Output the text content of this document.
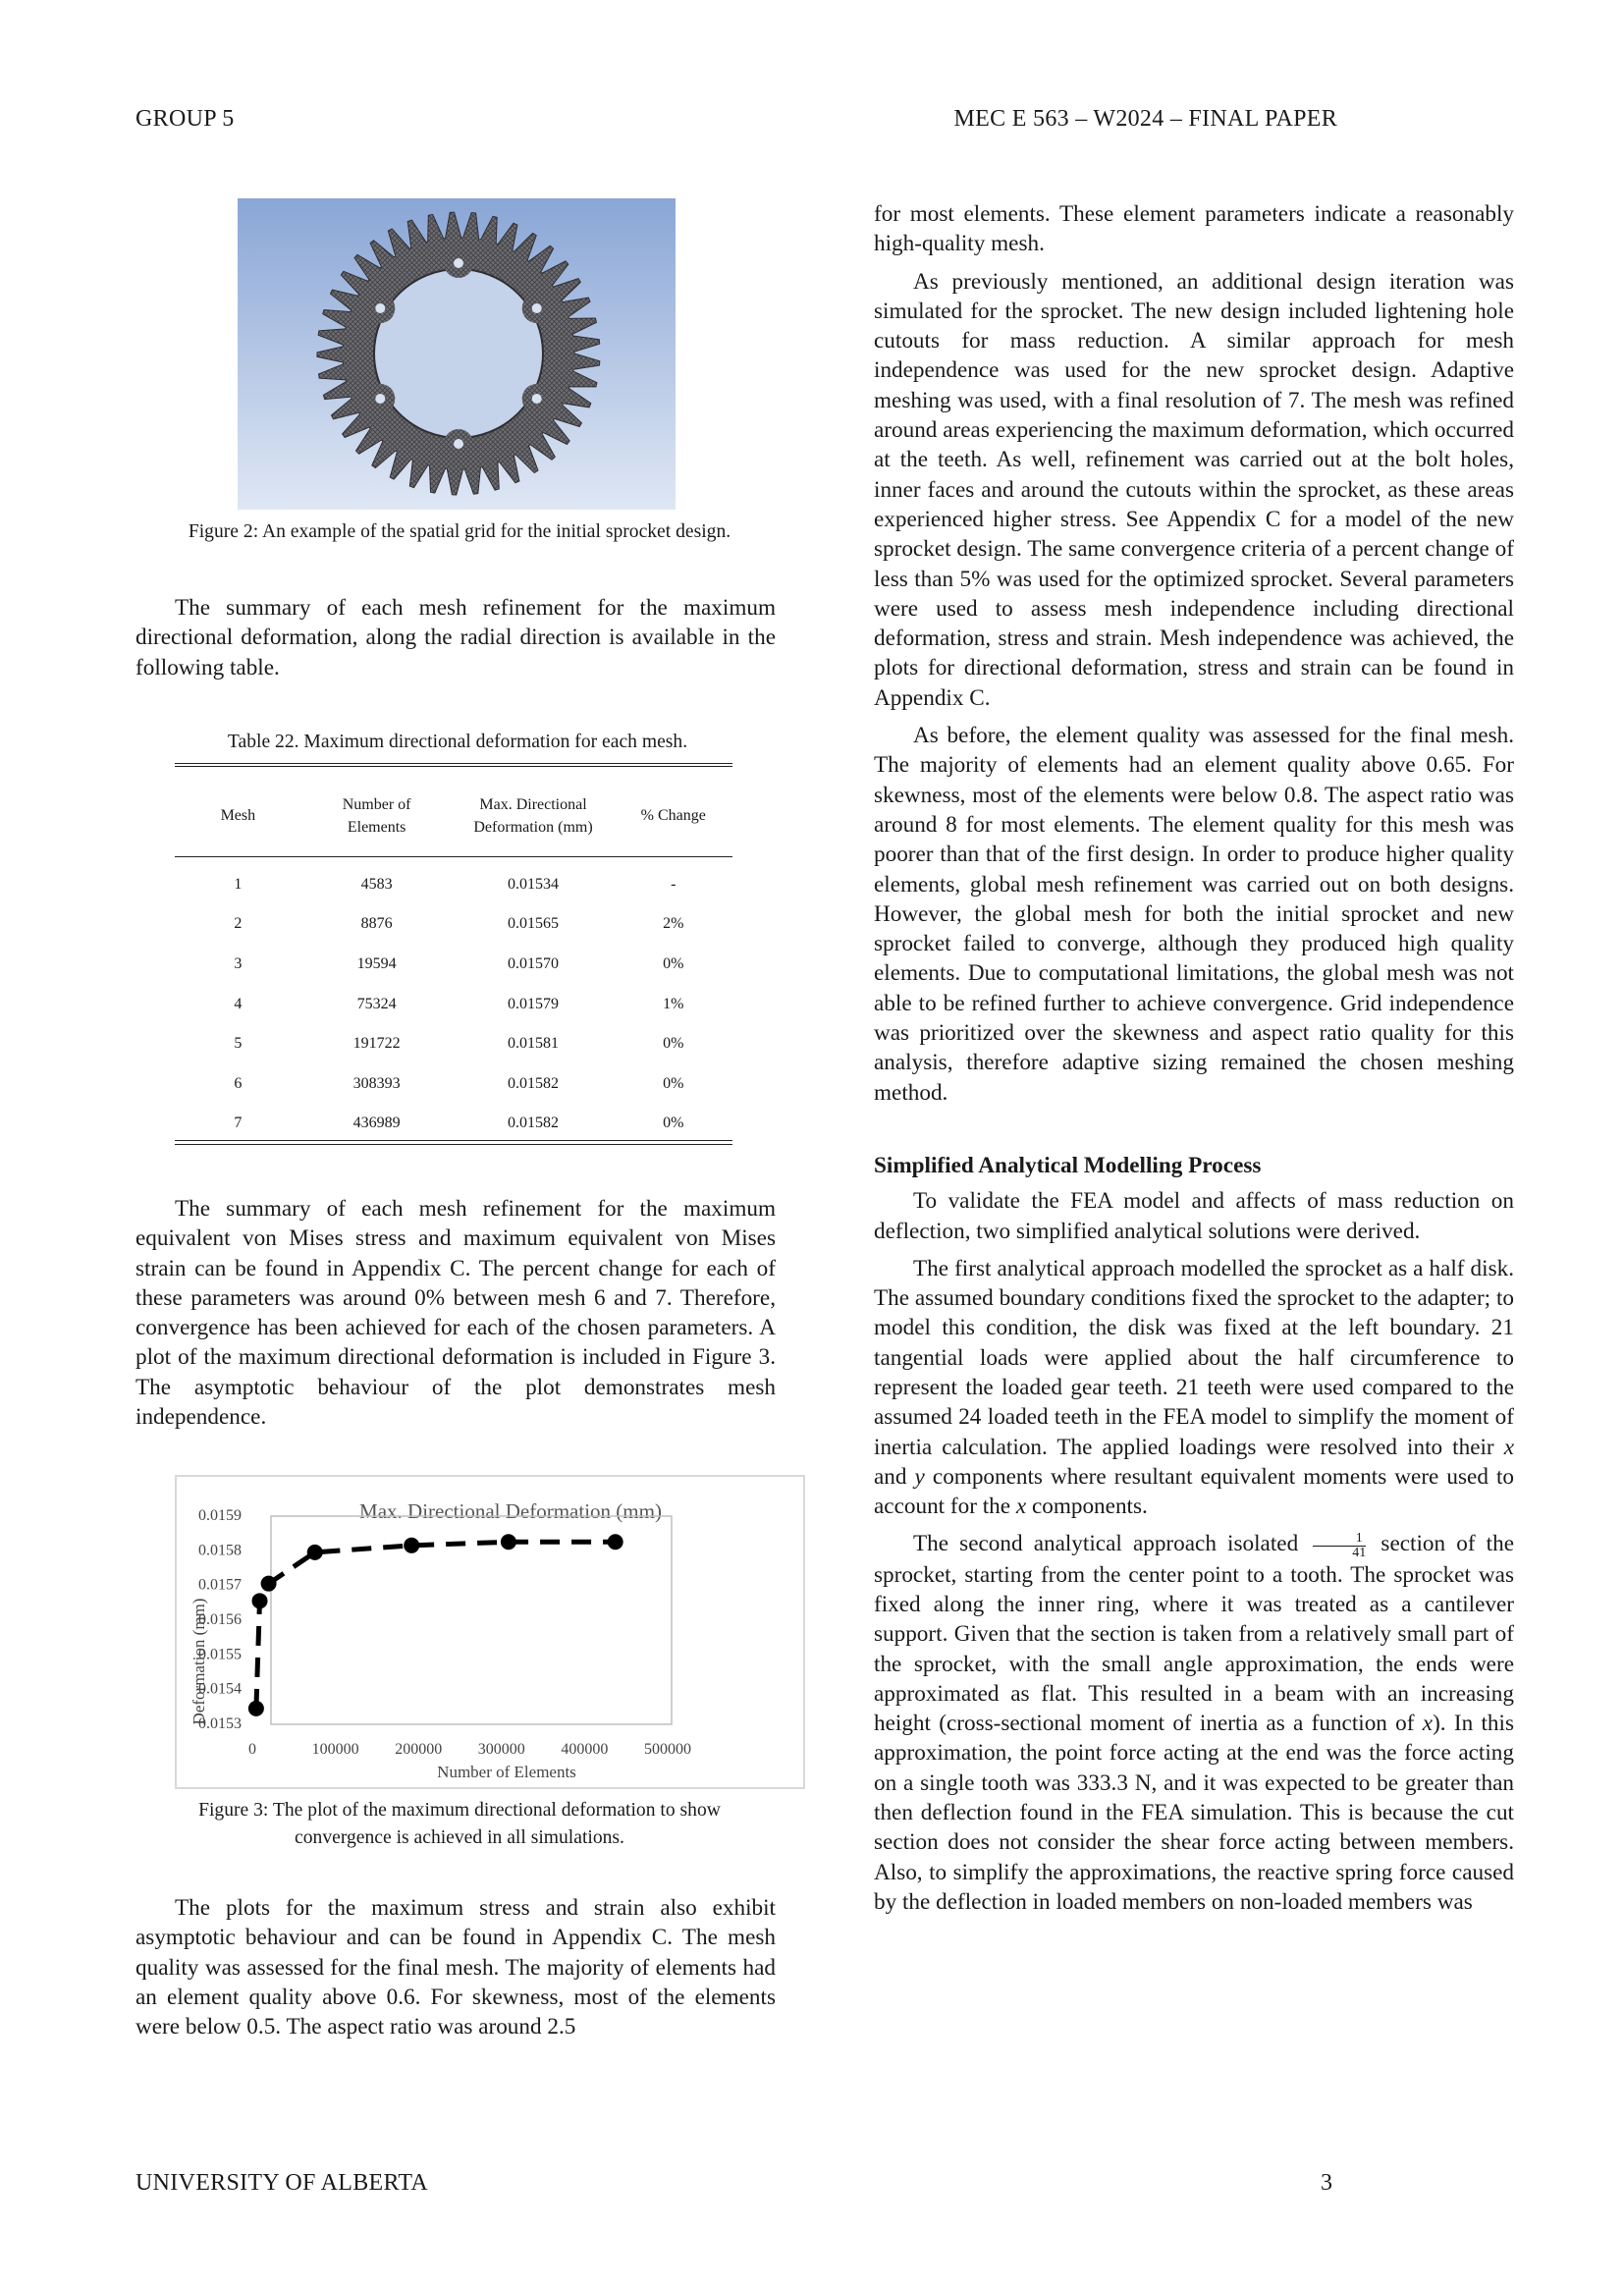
GROUP 5	MEC E 563 – W2024 – FINAL PAPER
Figure 2: An example of the spatial grid for the initial sprocket design.

The summary of each mesh refinement for the maximum directional deformation, along the radial direction is available in the following table.

Table 22. Maximum directional deformation for each mesh.
Mesh	Number of Elements	Max. Directional Deformation (mm)	% Change

1	4583	0.01534	-
2	8876	0.01565	2%
3	19594	0.01570	0%
4	75324	0.01579	1%
5	191722	0.01581	0%
6	308393	0.01582	0%
7	436989	0.01582	0%

The summary of each mesh refinement for the maximum equivalent von Mises stress and maximum equivalent von Mises strain can be found in Appendix C. The percent change for each of these parameters was around 0% between mesh 6 and 7. Therefore, convergence has been achieved for each of the chosen parameters. A plot of the maximum directional deformation is included in Figure 3. The asymptotic behaviour of the plot demonstrates mesh independence.

Max. Directional Deformation (mm)
0.0153
0.0154
0.0155
0.0156
0.0157
0.0158
0.0159
0	100000 200000 300000 400000 500000
Number of Elements
Deformation (mm)
Figure 3: The plot of the maximum directional deformation to show
convergence is achieved in all simulations.

The plots for the maximum stress and strain also exhibit asymptotic behaviour and can be found in Appendix C. The mesh quality was assessed for the final mesh. The majority of elements had an element quality above 0.6. For skewness, most of the elements were below 0.5. The aspect ratio was around 2.5

for most elements. These element parameters indicate a reasonably high-quality mesh.

As previously mentioned, an additional design iteration was simulated for the sprocket. The new design included lightening hole cutouts for mass reduction. A similar approach for mesh independence was used for the new sprocket design. Adaptive meshing was used, with a final resolution of 7. The mesh was refined around areas experiencing the maximum deformation, which occurred at the teeth. As well, refinement was carried out at the bolt holes, inner faces and around the cutouts within the sprocket, as these areas experienced higher stress. See Appendix C for a model of the new sprocket design. The same convergence criteria of a percent change of less than 5% was used for the optimized sprocket. Several parameters were used to assess mesh independence including directional deformation, stress and strain. Mesh independence was achieved, the plots for directional deformation, stress and strain can be found in Appendix C.

As before, the element quality was assessed for the final mesh. The majority of elements had an element quality above 0.65. For skewness, most of the elements were below 0.8. The aspect ratio was around 8 for most elements. The element quality for this mesh was poorer than that of the first design. In order to produce higher quality elements, global mesh refinement was carried out on both designs. However, the global mesh for both the initial sprocket and new sprocket failed to converge, although they produced high quality elements. Due to computational limitations, the global mesh was not able to be refined further to achieve convergence. Grid independence was prioritized over the skewness and aspect ratio quality for this analysis, therefore adaptive sizing remained the chosen meshing method.

Simplified Analytical Modelling Process

To validate the FEA model and affects of mass reduction on deflection, two simplified analytical solutions were derived.

The first analytical approach modelled the sprocket as a half disk. The assumed boundary conditions fixed the sprocket to the adapter; to model this condition, the disk was fixed at the left boundary. 21 tangential loads were applied about the half circumference to represent the loaded gear teeth. 21 teeth were used compared to the assumed 24 loaded teeth in the FEA model to simplify the moment of inertia calculation. The applied loadings were resolved into their x and y components where resultant equivalent moments were used to account for the x components.

The second analytical approach isolated $\frac{1}{41}$ section of the sprocket, starting from the center point to a tooth. The sprocket was fixed along the inner ring, where it was treated as a cantilever support. Given that the section is taken from a relatively small part of the sprocket, with the small angle approximation, the ends were approximated as flat. This resulted in a beam with an increasing height (cross-sectional moment of inertia as a function of x). In this approximation, the point force acting at the end was the force acting on a single tooth was 333.3 N, and it was expected to be greater than then deflection found in the FEA simulation. This is because the cut section does not consider the shear force acting between members. Also, to simplify the approximations, the reactive spring force caused by the deflection in loaded members on non-loaded members was

UNIVERSITY OF ALBERTA	3
